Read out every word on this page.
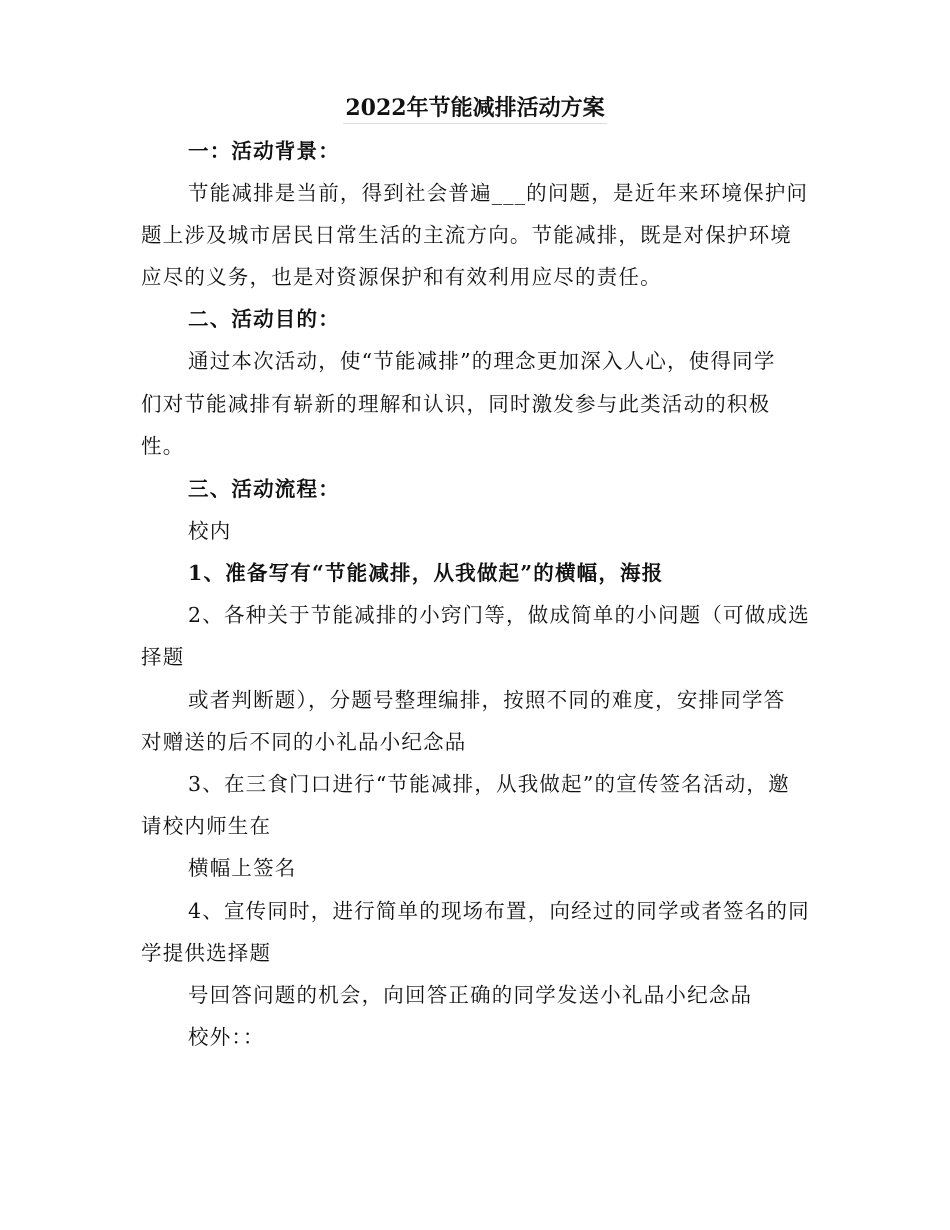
2022年节能减排活动方案
一：活动背景：
节能减排是当前，得到社会普遍___的问题，是近年来环境保护问
题上涉及城市居民日常生活的主流方向。节能减排，既是对保护环境
应尽的义务，也是对资源保护和有效利用应尽的责任。
二、活动目的：
通过本次活动，使“节能减排”的理念更加深入人心，使得同学
们对节能减排有崭新的理解和认识，同时激发参与此类活动的积极
性。
三、活动流程：
校内
1、准备写有“节能减排，从我做起”的横幅，海报
2、各种关于节能减排的小窍门等，做成简单的小问题（可做成选
择题
或者判断题），分题号整理编排，按照不同的难度，安排同学答
对赠送的后不同的小礼品小纪念品
3、在三食门口进行“节能减排，从我做起”的宣传签名活动，邀
请校内师生在
横幅上签名
4、宣传同时，进行简单的现场布置，向经过的同学或者签名的同
学提供选择题
号回答问题的机会，向回答正确的同学发送小礼品小纪念品
校外：：
